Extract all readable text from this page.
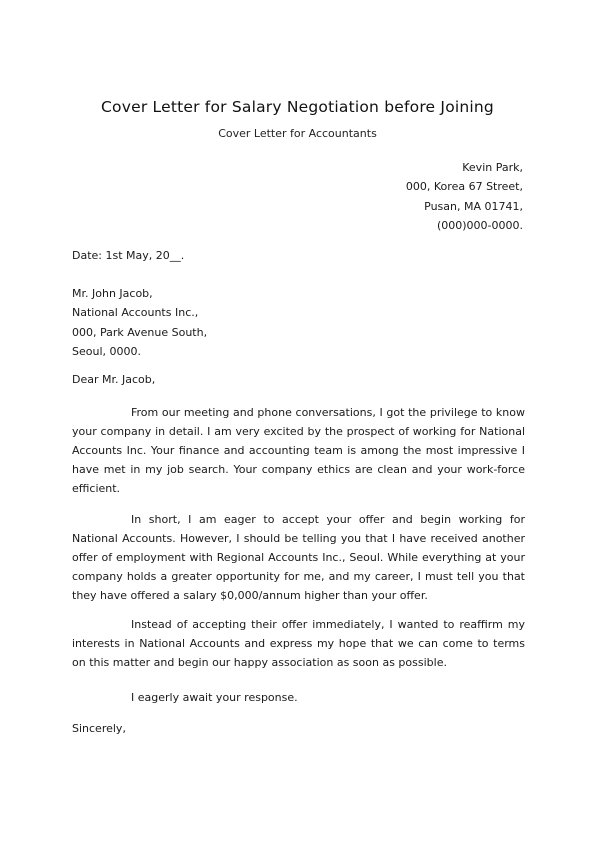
Cover Letter for Salary Negotiation before Joining
Cover Letter for Accountants
Kevin Park,
000, Korea 67 Street,
Pusan, MA 01741,
(000)000-0000.
Date: 1st May, 20__.
Mr. John Jacob,
National Accounts Inc.,
000, Park Avenue South,
Seoul, 0000.
Dear Mr. Jacob,

From our meeting and phone conversations, I got the privilege to know your company in detail. I am very excited by the prospect of working for National Accounts Inc. Your finance and accounting team is among the most impressive I have met in my job search. Your company ethics are clean and your work-force efficient.

In short, I am eager to accept your offer and begin working for National Accounts. However, I should be telling you that I have received another offer of employment with Regional Accounts Inc., Seoul. While everything at your company holds a greater opportunity for me, and my career, I must tell you that they have offered a salary $0,000/annum higher than your offer.

Instead of accepting their offer immediately, I wanted to reaffirm my interests in National Accounts and express my hope that we can come to terms on this matter and begin our happy association as soon as possible.

I eagerly await your response.

Sincerely,
